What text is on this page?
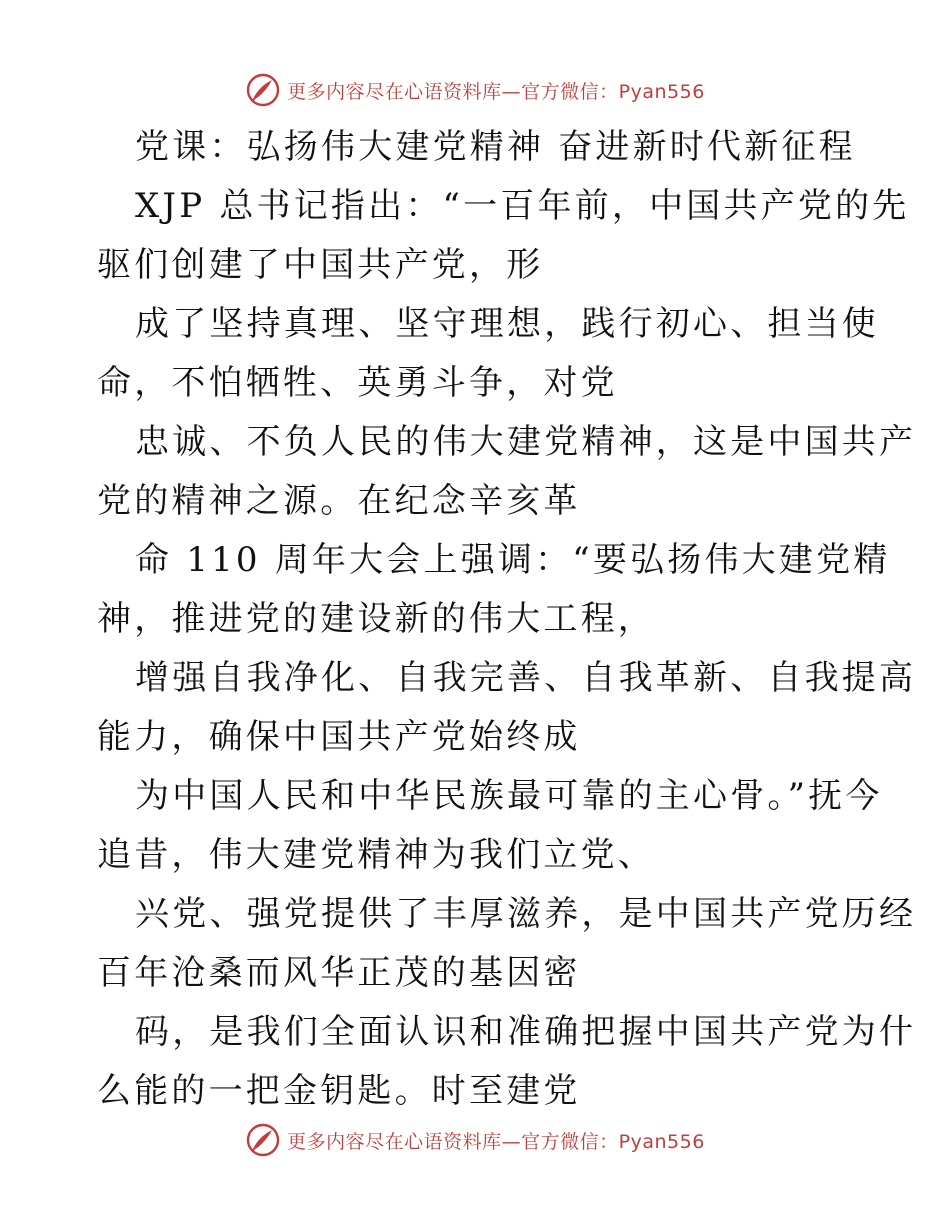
更多内容尽在心语资料库—官方微信：Pyan556
党课：弘扬伟大建党精神 奋进新时代新征程
XJP 总书记指出：“一百年前，中国共产党的先
驱们创建了中国共产党，形
成了坚持真理、坚守理想，践行初心、担当使
命，不怕牺牲、英勇斗争，对党
忠诚、不负人民的伟大建党精神，这是中国共产
党的精神之源。在纪念辛亥革
命 110 周年大会上强调：“要弘扬伟大建党精
神，推进党的建设新的伟大工程，
增强自我净化、自我完善、自我革新、自我提高
能力，确保中国共产党始终成
为中国人民和中华民族最可靠的主心骨。”抚今
追昔，伟大建党精神为我们立党、
兴党、强党提供了丰厚滋养，是中国共产党历经
百年沧桑而风华正茂的基因密
码，是我们全面认识和准确把握中国共产党为什
么能的一把金钥匙。时至建党
更多内容尽在心语资料库—官方微信：Pyan556
